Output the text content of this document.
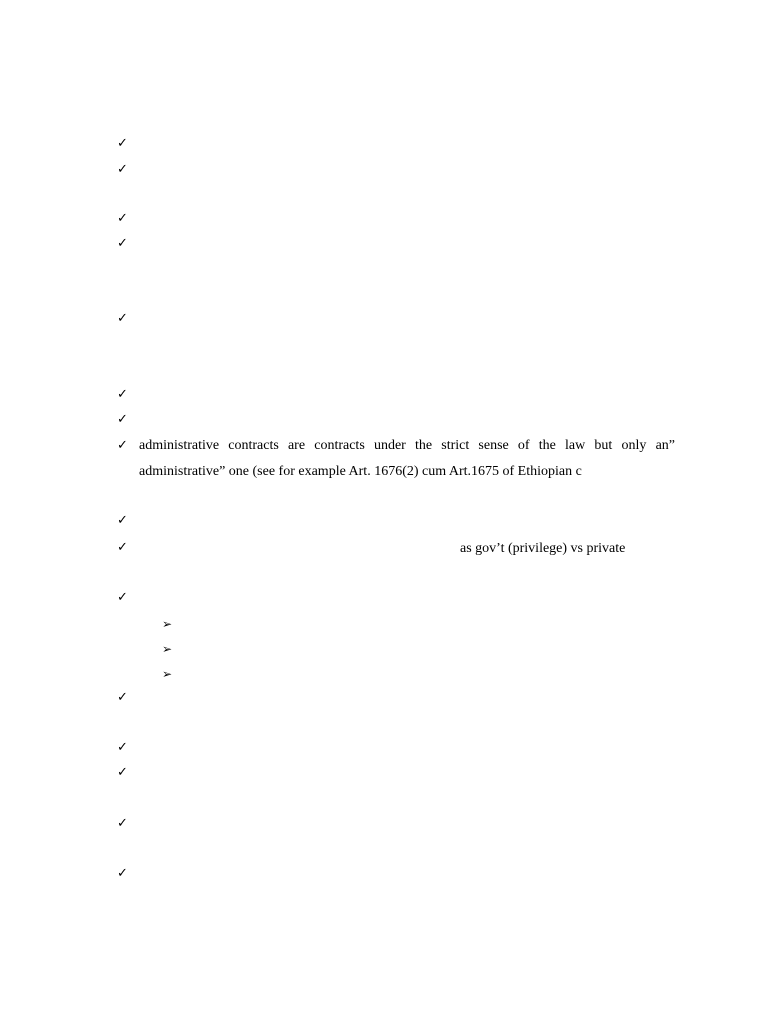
✓
✓
✓
✓
✓
✓
✓
✓
✓
✓
✓
➢
➢
➢
✓
✓
✓
✓
✓
administrative contracts are contracts under the strict sense of the law but only an”
administrative” one (see for example Art. 1676(2) cum Art.1675 of Ethiopian c
as gov’t (privilege) vs private
